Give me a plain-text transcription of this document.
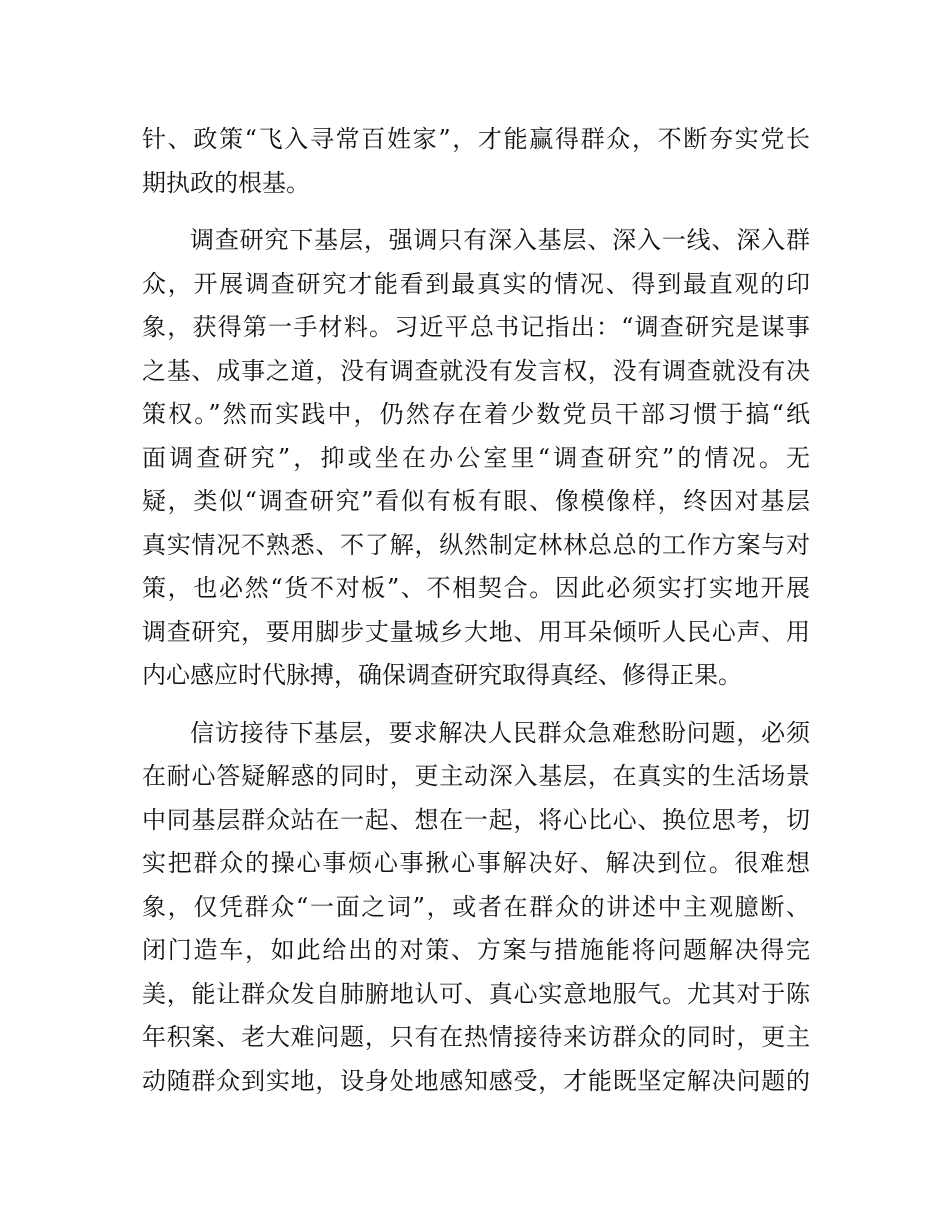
针、政策“飞入寻常百姓家”，才能赢得群众，不断夯实党长
期执政的根基。
调查研究下基层，强调只有深入基层、深入一线、深入群
众，开展调查研究才能看到最真实的情况、得到最直观的印
象，获得第一手材料。习近平总书记指出：“调查研究是谋事
之基、成事之道，没有调查就没有发言权，没有调查就没有决
策权。”然而实践中，仍然存在着少数党员干部习惯于搞“纸
面调查研究”，抑或坐在办公室里“调查研究”的情况。无
疑，类似“调查研究”看似有板有眼、像模像样，终因对基层
真实情况不熟悉、不了解，纵然制定林林总总的工作方案与对
策，也必然“货不对板”、不相契合。因此必须实打实地开展
调查研究，要用脚步丈量城乡大地、用耳朵倾听人民心声、用
内心感应时代脉搏，确保调查研究取得真经、修得正果。
信访接待下基层，要求解决人民群众急难愁盼问题，必须
在耐心答疑解惑的同时，更主动深入基层，在真实的生活场景
中同基层群众站在一起、想在一起，将心比心、换位思考，切
实把群众的操心事烦心事揪心事解决好、解决到位。很难想
象，仅凭群众“一面之词”，或者在群众的讲述中主观臆断、
闭门造车，如此给出的对策、方案与措施能将问题解决得完
美，能让群众发自肺腑地认可、真心实意地服气。尤其对于陈
年积案、老大难问题，只有在热情接待来访群众的同时，更主
动随群众到实地，设身处地感知感受，才能既坚定解决问题的
